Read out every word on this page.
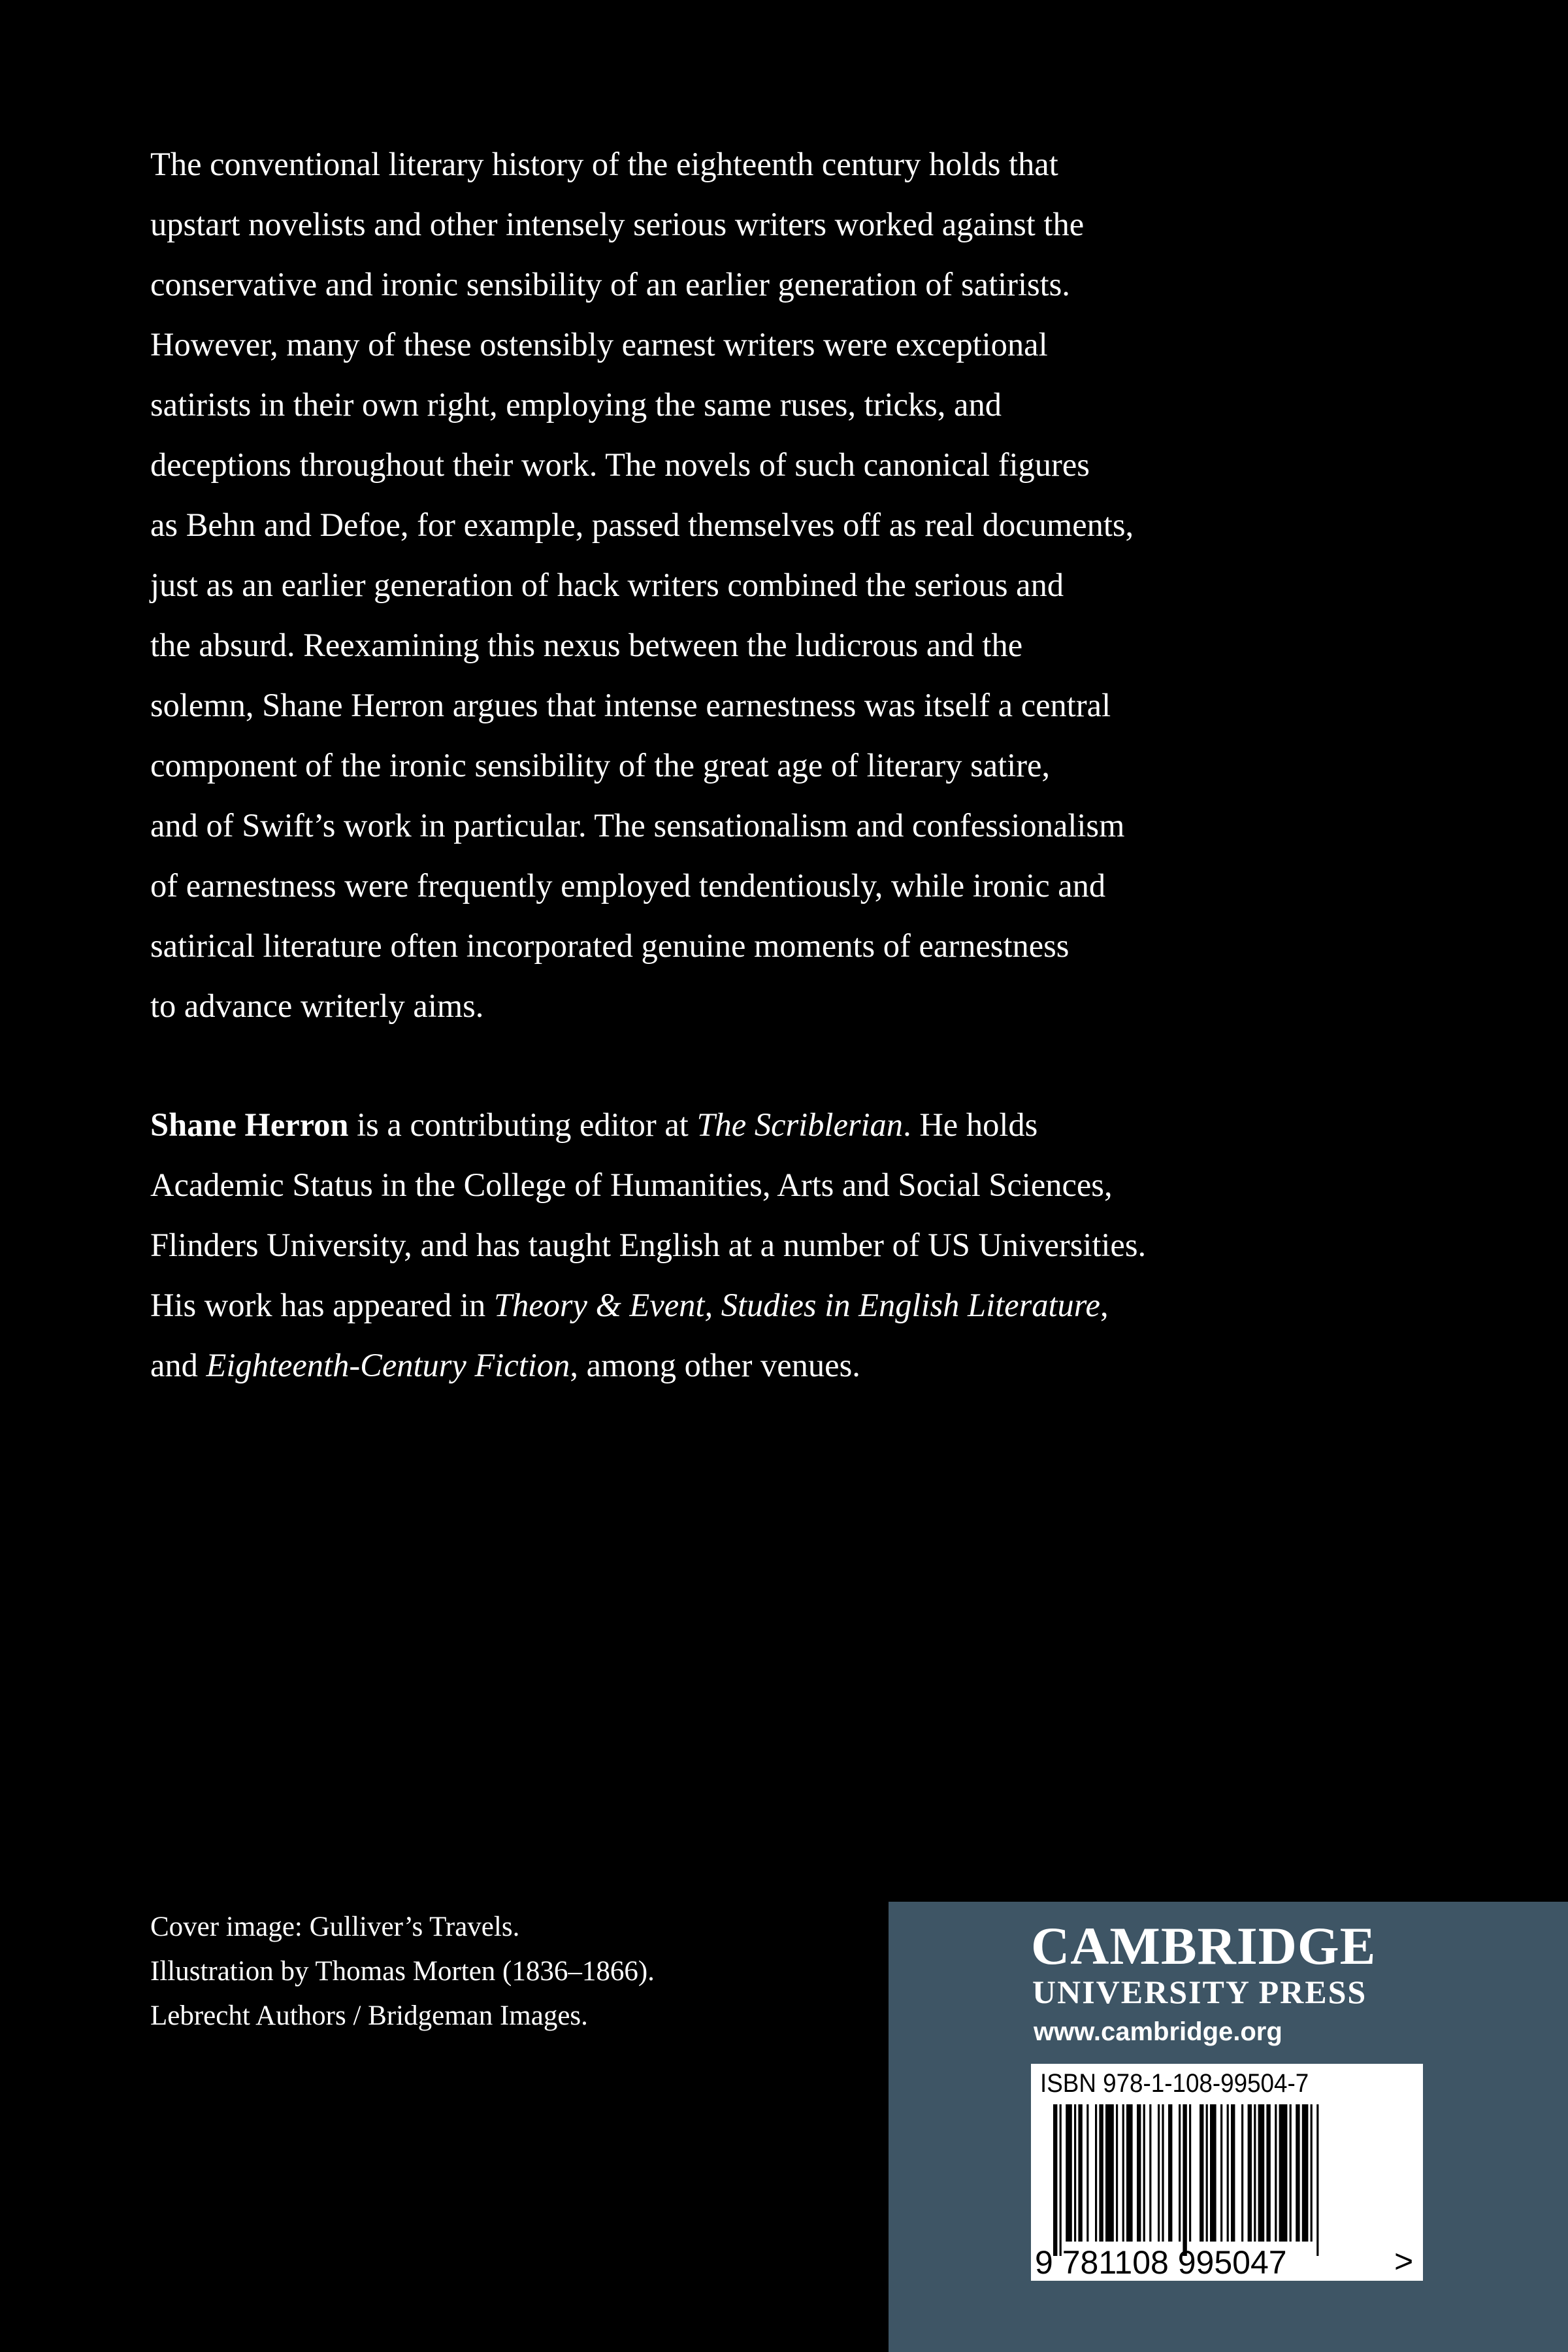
The conventional literary history of the eighteenth century holds that
upstart novelists and other intensely serious writers worked against the
conservative and ironic sensibility of an earlier generation of satirists.
However, many of these ostensibly earnest writers were exceptional
satirists in their own right, employing the same ruses, tricks, and
deceptions throughout their work. The novels of such canonical figures
as Behn and Defoe, for example, passed themselves off as real documents,
just as an earlier generation of hack writers combined the serious and
the absurd. Reexamining this nexus between the ludicrous and the
solemn, Shane Herron argues that intense earnestness was itself a central
component of the ironic sensibility of the great age of literary satire,
and of Swift’s work in particular. The sensationalism and confessionalism
of earnestness were frequently employed tendentiously, while ironic and
satirical literature often incorporated genuine moments of earnestness
to advance writerly aims.
Shane Herron is a contributing editor at The Scriblerian. He holds
Academic Status in the College of Humanities, Arts and Social Sciences,
Flinders University, and has taught English at a number of US Universities.
His work has appeared in Theory & Event, Studies in English Literature,
and Eighteenth-Century Fiction, among other venues.
Cover image: Gulliver’s Travels.
Illustration by Thomas Morten (1836–1866).
Lebrecht Authors / Bridgeman Images.
CAMBRIDGE
UNIVERSITY PRESS
www.cambridge.org
ISBN 978-1-108-99504-7
9 781108 995047	>
